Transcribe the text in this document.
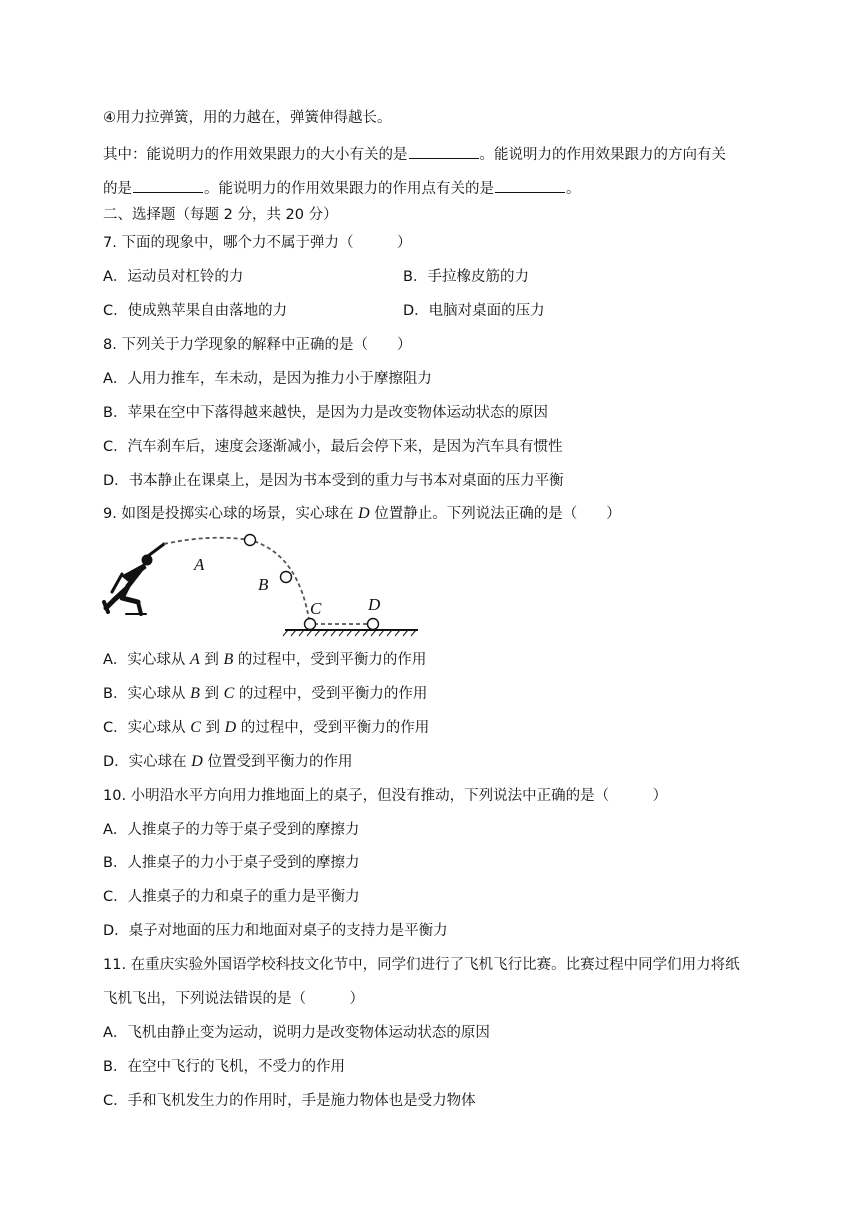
④用力拉弹簧，用的力越在，弹簧伸得越长。
其中：能说明力的作用效果跟力的大小有关的是	。能说明力的作用效果跟力的方向有关
的是	。能说明力的作用效果跟力的作用点有关的是	。
二、选择题（每题 2 分，共 20 分）
7. 下面的现象中，哪个力不属于弹力（　　　）
A．运动员对杠铃的力	B．手拉橡皮筋的力
C．使成熟苹果自由落地的力	D．电脑对桌面的压力
8. 下列关于力学现象的解释中正确的是（　　）
A．人用力推车，车未动，是因为推力小于摩擦阻力
B．苹果在空中下落得越来越快，是因为力是改变物体运动状态的原因
C．汽车刹车后，速度会逐渐减小，最后会停下来，是因为汽车具有惯性
D．书本静止在课桌上，是因为书本受到的重力与书本对桌面的压力平衡
9. 如图是投掷实心球的场景，实心球在 D 位置静止。下列说法正确的是（　　）
A
B
C	D
A．实心球从 A 到 B 的过程中，受到平衡力的作用
B．实心球从 B 到 C 的过程中，受到平衡力的作用
C．实心球从 C 到 D 的过程中，受到平衡力的作用
D．实心球在 D 位置受到平衡力的作用
10. 小明沿水平方向用力推地面上的桌子，但没有推动，下列说法中正确的是（　　　）
A．人推桌子的力等于桌子受到的摩擦力
B．人推桌子的力小于桌子受到的摩擦力
C．人推桌子的力和桌子的重力是平衡力
D．桌子对地面的压力和地面对桌子的支持力是平衡力
11. 在重庆实验外国语学校科技文化节中，同学们进行了飞机飞行比赛。比赛过程中同学们用力将纸
飞机飞出，下列说法错误的是（　　　）
A．飞机由静止变为运动，说明力是改变物体运动状态的原因
B．在空中飞行的飞机，不受力的作用
C．手和飞机发生力的作用时，手是施力物体也是受力物体
